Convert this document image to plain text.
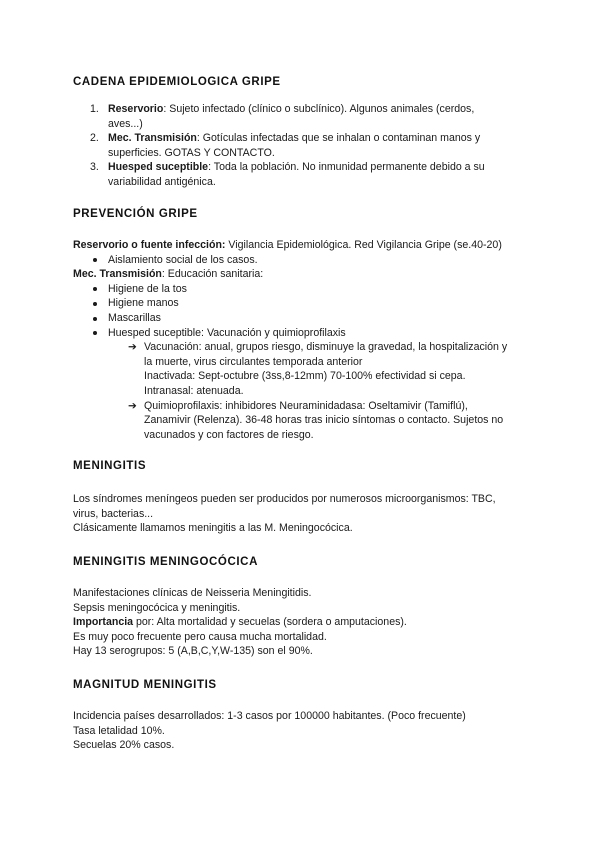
CADENA EPIDEMIOLOGICA GRIPE
1. Reservorio: Sujeto infectado (clínico o subclínico). Algunos animales (cerdos,
aves...)
2. Mec. Transmisión: Gotículas infectadas que se inhalan o contaminan manos y
superficies. GOTAS Y CONTACTO.
3. Huesped suceptible: Toda la población. No inmunidad permanente debido a su
variabilidad antigénica.
PREVENCIÓN GRIPE
Reservorio o fuente infección: Vigilancia Epidemiológica. Red Vigilancia Gripe (se.40-20)
Aislamiento social de los casos.
Mec. Transmisión: Educación sanitaria:
Higiene de la tos
Higiene manos
Mascarillas
Huesped suceptible: Vacunación y quimioprofilaxis
➔ Vacunación: anual, grupos riesgo, disminuye la gravedad, la hospitalización y
la muerte, virus circulantes temporada anterior
Inactivada: Sept-octubre (3ss,8-12mm) 70-100% efectividad si cepa.
Intranasal: atenuada.
➔ Quimioprofilaxis: inhibidores Neuraminidadasa: Oseltamivir (Tamiflú),
Zanamivir (Relenza). 36-48 horas tras inicio síntomas o contacto. Sujetos no
vacunados y con factores de riesgo.
MENINGITIS
Los síndromes meníngeos pueden ser producidos por numerosos microorganismos: TBC,
virus, bacterias...
Clásicamente llamamos meningitis a las M. Meningocócica.
MENINGITIS MENINGOCÓCICA
Manifestaciones clínicas de Neisseria Meningitidis.
Sepsis meningocócica y meningitis.
Importancia por: Alta mortalidad y secuelas (sordera o amputaciones).
Es muy poco frecuente pero causa mucha mortalidad.
Hay 13 serogrupos: 5 (A,B,C,Y,W-135) son el 90%.
MAGNITUD MENINGITIS
Incidencia países desarrollados: 1-3 casos por 100000 habitantes. (Poco frecuente)
Tasa letalidad 10%.
Secuelas 20% casos.
